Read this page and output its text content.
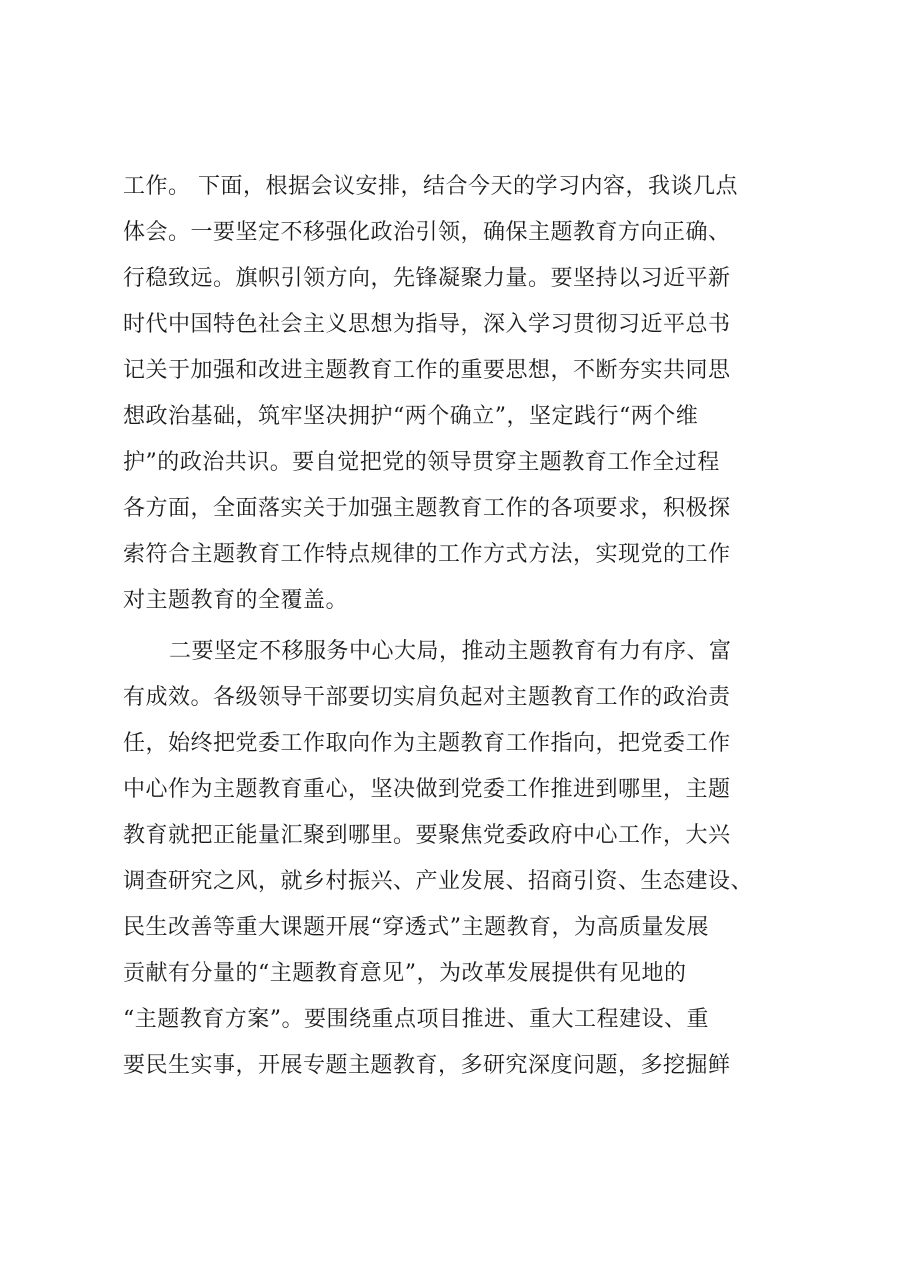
工作。 下面，根据会议安排，结合今天的学习内容，我谈几点
体会。一要坚定不移强化政治引领，确保主题教育方向正确、
行稳致远。旗帜引领方向，先锋凝聚力量。要坚持以习近平新
时代中国特色社会主义思想为指导，深入学习贯彻习近平总书
记关于加强和改进主题教育工作的重要思想，不断夯实共同思
想政治基础，筑牢坚决拥护“两个确立”，坚定践行“两个维
护”的政治共识。要自觉把党的领导贯穿主题教育工作全过程
各方面，全面落实关于加强主题教育工作的各项要求，积极探
索符合主题教育工作特点规律的工作方式方法，实现党的工作
对主题教育的全覆盖。
二要坚定不移服务中心大局，推动主题教育有力有序、富
有成效。各级领导干部要切实肩负起对主题教育工作的政治责
任，始终把党委工作取向作为主题教育工作指向，把党委工作
中心作为主题教育重心，坚决做到党委工作推进到哪里，主题
教育就把正能量汇聚到哪里。要聚焦党委政府中心工作，大兴
调查研究之风，就乡村振兴、产业发展、招商引资、生态建设、
民生改善等重大课题开展“穿透式”主题教育，为高质量发展
贡献有分量的“主题教育意见”，为改革发展提供有见地的
“主题教育方案”。要围绕重点项目推进、重大工程建设、重
要民生实事，开展专题主题教育，多研究深度问题，多挖掘鲜
